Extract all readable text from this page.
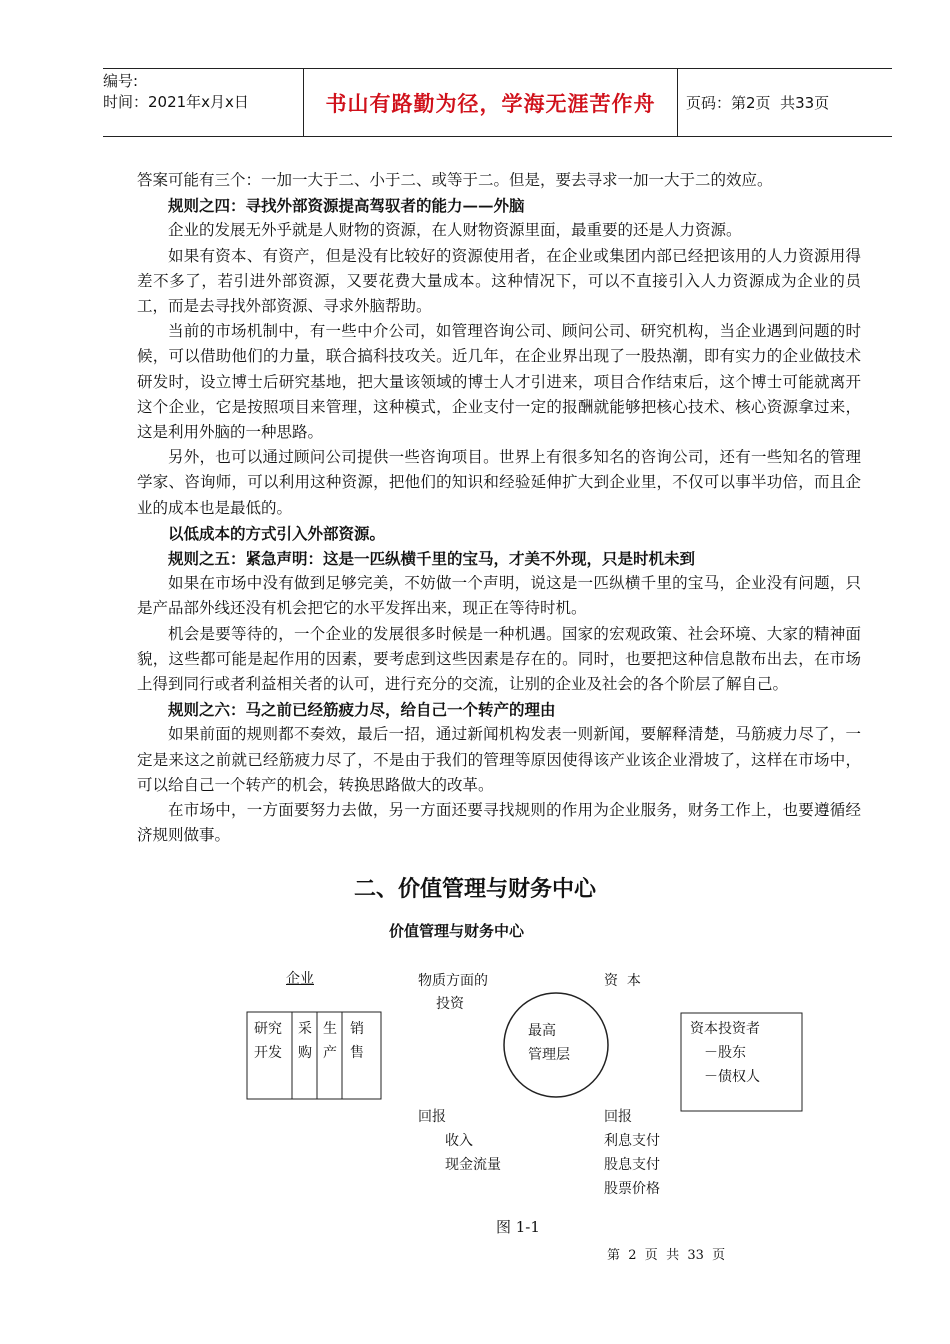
编号:
时间：2021年x月x日	书山有路勤为径，学海无涯苦作舟 页码：第2页  共33页

答案可能有三个：一加一大于二、小于二、或等于二。但是，要去寻求一加一大于二的效应。

规则之四：寻找外部资源提高驾驭者的能力——外脑

企业的发展无外乎就是人财物的资源，在人财物资源里面，最重要的还是人力资源。

如果有资本、有资产，但是没有比较好的资源使用者，在企业或集团内部已经把该用的人力资源用得差不多了，若引进外部资源，又要花费大量成本。这种情况下，可以不直接引入人力资源成为企业的员工，而是去寻找外部资源、寻求外脑帮助。

当前的市场机制中，有一些中介公司，如管理咨询公司、顾问公司、研究机构，当企业遇到问题的时候，可以借助他们的力量，联合搞科技攻关。近几年，在企业界出现了一股热潮，即有实力的企业做技术研发时，设立博士后研究基地，把大量该领域的博士人才引进来，项目合作结束后，这个博士可能就离开这个企业，它是按照项目来管理，这种模式，企业支付一定的报酬就能够把核心技术、核心资源拿过来，这是利用外脑的一种思路。

另外，也可以通过顾问公司提供一些咨询项目。世界上有很多知名的咨询公司，还有一些知名的管理学家、咨询师，可以利用这种资源，把他们的知识和经验延伸扩大到企业里，不仅可以事半功倍，而且企业的成本也是最低的。

以低成本的方式引入外部资源。

规则之五：紧急声明：这是一匹纵横千里的宝马，才美不外现，只是时机未到

如果在市场中没有做到足够完美，不妨做一个声明，说这是一匹纵横千里的宝马，企业没有问题，只是产品部外线还没有机会把它的水平发挥出来，现正在等待时机。

机会是要等待的，一个企业的发展很多时候是一种机遇。国家的宏观政策、社会环境、大家的精神面貌，这些都可能是起作用的因素，要考虑到这些因素是存在的。同时，也要把这种信息散布出去，在市场上得到同行或者利益相关者的认可，进行充分的交流，让别的企业及社会的各个阶层了解自己。

规则之六：马之前已经筋疲力尽，给自己一个转产的理由

如果前面的规则都不奏效，最后一招，通过新闻机构发表一则新闻，要解释清楚，马筋疲力尽了，一定是来这之前就已经筋疲力尽了，不是由于我们的管理等原因使得该产业该企业滑坡了，这样在市场中，可以给自己一个转产的机会，转换思路做大的改革。

在市场中，一方面要努力去做，另一方面还要寻找规则的作用为企业服务，财务工作上，也要遵循经济规则做事。

二、价值管理与财务中心
价值管理与财务中心
企业	物质方面的
投资
资  本
研究
开发
采
购
生
产
销
售
最高
管理层
资本投资者
－股东
－债权人
回报
收入
现金流量
回报
利息支付
股息支付
股票价格
图 1-1
第  2  页  共  33  页
